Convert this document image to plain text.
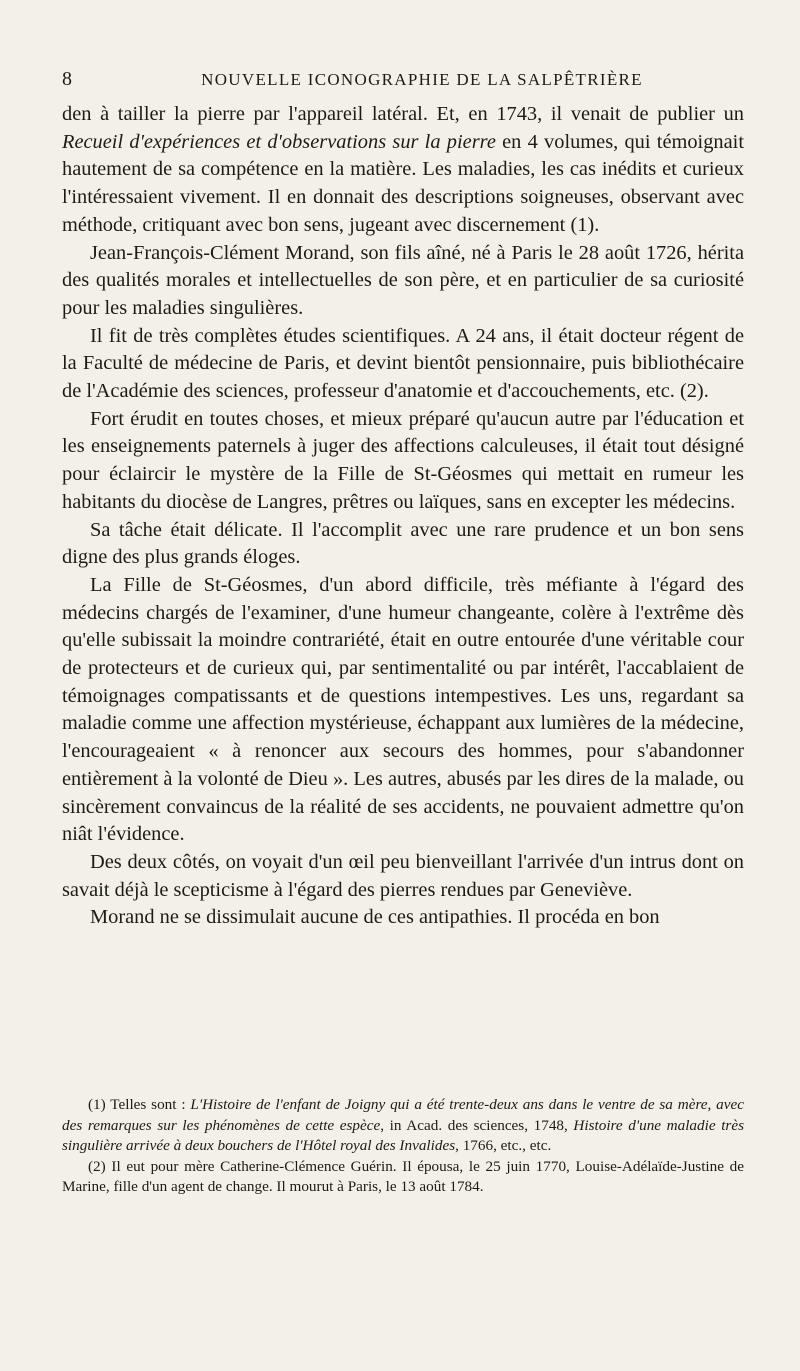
8	NOUVELLE ICONOGRAPHIE DE LA SALPÊTRIÈRE

den à tailler la pierre par l'appareil latéral. Et, en 1743, il venait de publier un Recueil d'expériences et d'observations sur la pierre en 4 volumes, qui témoignait hautement de sa compétence en la matière. Les maladies, les cas inédits et curieux l'intéressaient vivement. Il en donnait des descriptions soigneuses, observant avec méthode, critiquant avec bon sens, jugeant avec discernement (1).

Jean-François-Clément Morand, son fils aîné, né à Paris le 28 août 1726, hérita des qualités morales et intellectuelles de son père, et en particulier de sa curiosité pour les maladies singulières.

Il fit de très complètes études scientifiques. A 24 ans, il était docteur régent de la Faculté de médecine de Paris, et devint bientôt pensionnaire, puis bibliothécaire de l'Académie des sciences, professeur d'anatomie et d'accouchements, etc. (2).

Fort érudit en toutes choses, et mieux préparé qu'aucun autre par l'éducation et les enseignements paternels à juger des affections calculeuses, il était tout désigné pour éclaircir le mystère de la Fille de St-Géosmes qui mettait en rumeur les habitants du diocèse de Langres, prêtres ou laïques, sans en excepter les médecins.

Sa tâche était délicate. Il l'accomplit avec une rare prudence et un bon sens digne des plus grands éloges.

La Fille de St-Géosmes, d'un abord difficile, très méfiante à l'égard des médecins chargés de l'examiner, d'une humeur changeante, colère à l'extrême dès qu'elle subissait la moindre contrariété, était en outre entourée d'une véritable cour de protecteurs et de curieux qui, par sentimentalité ou par intérêt, l'accablaient de témoignages compatissants et de questions intempestives. Les uns, regardant sa maladie comme une affection mystérieuse, échappant aux lumières de la médecine, l'encourageaient « à renoncer aux secours des hommes, pour s'abandonner entièrement à la volonté de Dieu ». Les autres, abusés par les dires de la malade, ou sincèrement convaincus de la réalité de ses accidents, ne pouvaient admettre qu'on niât l'évidence.

Des deux côtés, on voyait d'un œil peu bienveillant l'arrivée d'un intrus dont on savait déjà le scepticisme à l'égard des pierres rendues par Geneviève.

Morand ne se dissimulait aucune de ces antipathies. Il procéda en bon

(1) Telles sont : L'Histoire de l'enfant de Joigny qui a été trente-deux ans dans le ventre de sa mère, avec des remarques sur les phénomènes de cette espèce, in Acad. des sciences, 1748, Histoire d'une maladie très singulière arrivée à deux bouchers de l'Hôtel royal des Invalides, 1766, etc., etc.

(2) Il eut pour mère Catherine-Clémence Guérin. Il épousa, le 25 juin 1770, Louise-Adélaïde-Justine de Marine, fille d'un agent de change. Il mourut à Paris, le 13 août 1784.
